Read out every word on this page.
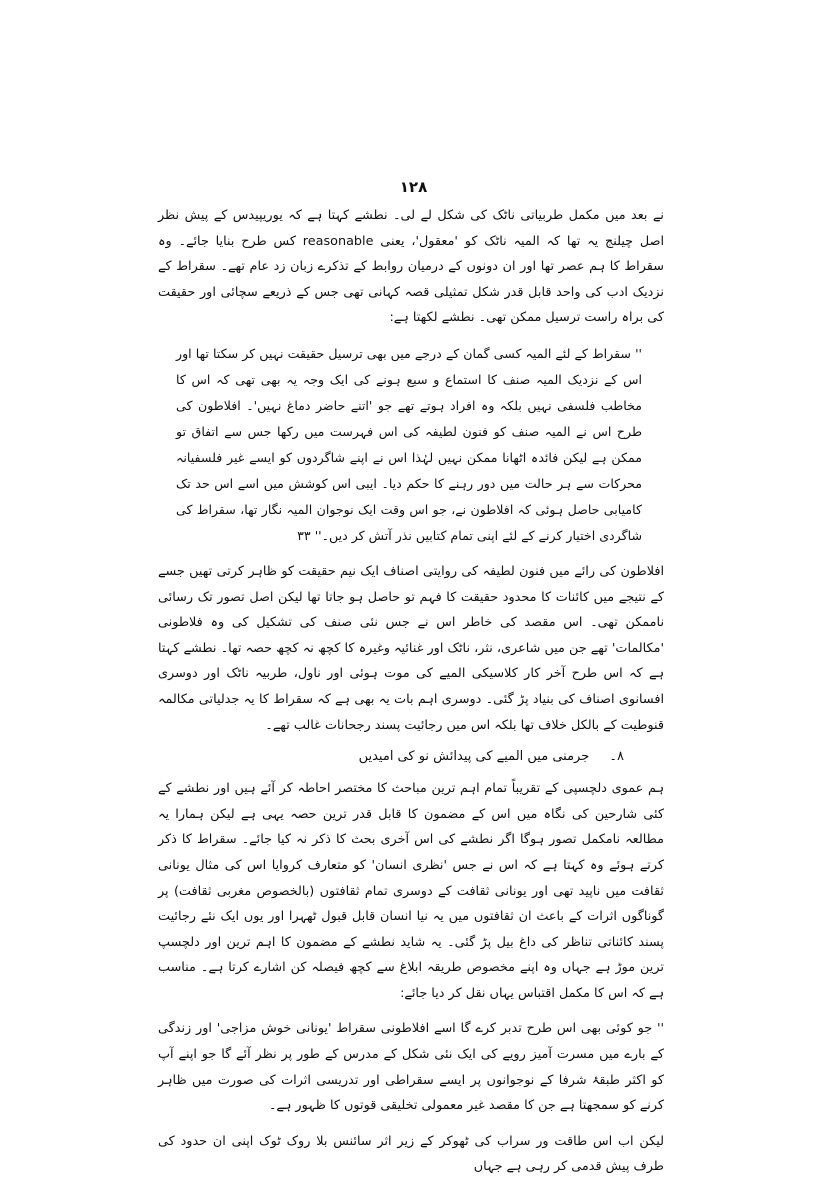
۱۲۸

نے بعد میں مکمل طربیاتی ناٹک کی شکل لے لی۔ نطشے کہتا ہے کہ یوریپیدس کے پیش نظر اصل چیلنج یہ تھا کہ المیہ ناٹک کو 'معقول'، یعنی reasonable کس طرح بنایا جائے۔ وہ سقراط کا ہم عصر تھا اور ان دونوں کے درمیان روابط کے تذکرے زبان زد عام تھے۔ سقراط کے نزدیک ادب کی واحد قابل قدر شکل تمثیلی قصہ کہانی تھی جس کے ذریعے سچائی اور حقیقت کی براہ راست ترسیل ممکن تھی۔ نطشے لکھتا ہے:

'' سقراط کے لئے المیہ کسی گمان کے درجے میں بھی ترسیل حقیقت نہیں کر سکتا تھا اور اس کے نزدیک المیہ صنف کا استماع و سیع ہونے کی ایک وجہ یہ بھی تھی کہ اس کا مخاطب فلسفی نہیں بلکہ وہ افراد ہوتے تھے جو 'اتنے حاضر دماغ نہیں'۔ افلاطون کی طرح اس نے المیہ صنف کو فنون لطیفہ کی اس فہرست میں رکھا جس سے اتفاق تو ممکن ہے لیکن فائدہ اٹھانا ممکن نہیں لہٰذا اس نے اپنے شاگردوں کو ایسے غیر فلسفیانہ محرکات سے ہر حالت میں دور رہنے کا حکم دیا۔ ایبی اس کوشش میں اسے اس حد تک کامیابی حاصل ہوئی کہ افلاطون نے، جو اس وقت ایک نوجوان المیہ نگار تھا، سقراط کی شاگردی اختیار کرنے کے لئے اپنی تمام کتابیں نذر آتش کر دیں۔'' ۳۳

افلاطون کی رائے میں فنون لطیفہ کی روایتی اصناف ایک نیم حقیقت کو ظاہر کرتی تھیں جسے کے نتیجے میں کائنات کا محدود حقیقت کا فہم تو حاصل ہو جاتا تھا لیکن اصل تصور تک رسائی ناممکن تھی۔ اس مقصد کی خاطر اس نے جس نئی صنف کی تشکیل کی وہ فلاطونی 'مکالمات' تھے جن میں شاعری، نثر، ناٹک اور غنائیہ وغیرہ کا کچھ نہ کچھ حصہ تھا۔ نطشے کہتا ہے کہ اس طرح آخر کار کلاسیکی المیے کی موت ہوئی اور ناول، طربیہ ناٹک اور دوسری افسانوی اصناف کی بنیاد پڑ گئی۔ دوسری اہم بات یہ بھی ہے کہ سقراط کا یہ جدلیاتی مکالمہ قنوطیت کے بالکل خلاف تھا بلکہ اس میں رجائیت پسند رجحانات غالب تھے۔

۸۔ جرمنی میں المیے کی پیدائش نو کی امیدیں

ہم عموی دلچسپی کے تقریباً تمام اہم ترین مباحث کا مختصر احاطہ کر آئے ہیں اور نطشے کے کئی شارحین کی نگاہ میں اس کے مضمون کا قابل قدر ترین حصہ یہی ہے لیکن ہمارا یہ مطالعہ نامکمل تصور ہوگا اگر نطشے کی اس آخری بحث کا ذکر نہ کیا جائے۔ سقراط کا ذکر کرتے ہوئے وہ کہتا ہے کہ اس نے جس 'نظری انسان' کو متعارف کروایا اس کی مثال یونانی ثقافت میں ناپید تھی اور یونانی ثقافت کے دوسری تمام ثقافتوں (بالخصوص مغربی ثقافت) پر گوناگوں اثرات کے باعث ان ثقافتوں میں یہ نیا انسان قابل قبول ٹھہرا اور یوں ایک نئے رجائیت پسند کائناتی تناظر کی داغ بیل پڑ گئی۔ یہ شاید نطشے کے مضمون کا اہم ترین اور دلچسپ ترین موڑ ہے جہاں وہ اپنے مخصوص طریقہ ابلاغ سے کچھ فیصلہ کن اشارے کرتا ہے۔ مناسب ہے کہ اس کا مکمل اقتباس یہاں نقل کر دیا جائے:

'' جو کوئی بھی اس طرح تدبر کرے گا اسے افلاطونی سقراط 'یونانی خوش مزاجی' اور زندگی کے بارے میں مسرت آمیز رویے کی ایک نئی شکل کے مدرس کے طور پر نظر آئے گا جو اپنے آپ کو اکثر طبقۂ شرفا کے نوجوانوں پر ایسے سقراطی اور تدریسی اثرات کی صورت میں ظاہر کرنے کو سمجھتا ہے جن کا مقصد غیر معمولی تخلیقی قوتوں کا ظہور ہے۔

لیکن اب اس طاقت ور سراب کی ٹھوکر کے زیر اثر سائنس بلا روک ٹوک اپنی ان حدود کی طرف پیش قدمی کر رہی ہے جہاں
